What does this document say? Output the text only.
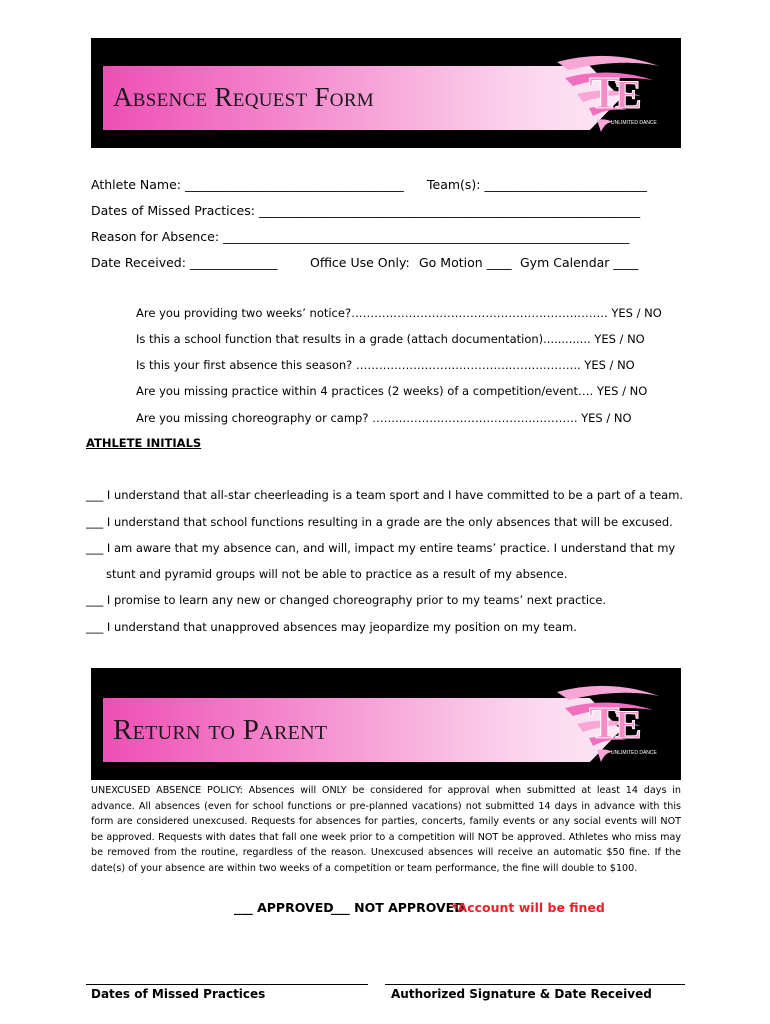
Absence Request Form	T
E
UNLIMITED DANCE
Athlete Name: ___________________________________ Team(s): __________________________
Dates of Missed Practices: _____________________________________________________________
Reason for Absence: _________________________________________________________________
Date Received: ______________	Office Use Only: Go Motion ____ Gym Calendar ____
Are you providing two weeks’ notice?…………………………………………………………. YES / NO
Is this a school function that results in a grade (attach documentation)............. YES / NO
Is this your first absence this season? ……….…….……….………….……….……... YES / NO
Are you missing practice within 4 practices (2 weeks) of a competition/event…. YES / NO
Are you missing choreography or camp? ……..………..………….………..……….. YES / NO
ATHLETE INITIALS
___ I understand that all-star cheerleading is a team sport and I have committed to be a part of a team.
___ I understand that school functions resulting in a grade are the only absences that will be excused.
___ I am aware that my absence can, and will, impact my entire teams’ practice. I understand that my
stunt and pyramid groups will not be able to practice as a result of my absence.
___ I promise to learn any new or changed choreography prior to my teams’ next practice.
___ I understand that unapproved absences may jeopardize my position on my team.
Return to Parent	T
E
UNLIMITED DANCE
UNEXCUSED ABSENCE POLICY: Absences will ONLY be considered for approval when submitted at least 14 days in advance. All absences (even for school functions or pre-planned vacations) not submitted 14 days in advance with this form are considered unexcused. Requests for absences for parties, concerts, family events or any social events will NOT be approved. Requests with dates that fall one week prior to a competition will NOT be approved. Athletes who miss may be removed from the routine, regardless of the reason. Unexcused absences will receive an automatic $50 fine. If the date(s) of your absence are within two weeks of a competition or team performance, the fine will double to $100.
___ APPROVED
___ NOT APPROVED
*Account will be fined
Dates of Missed Practices	Authorized Signature & Date Received
